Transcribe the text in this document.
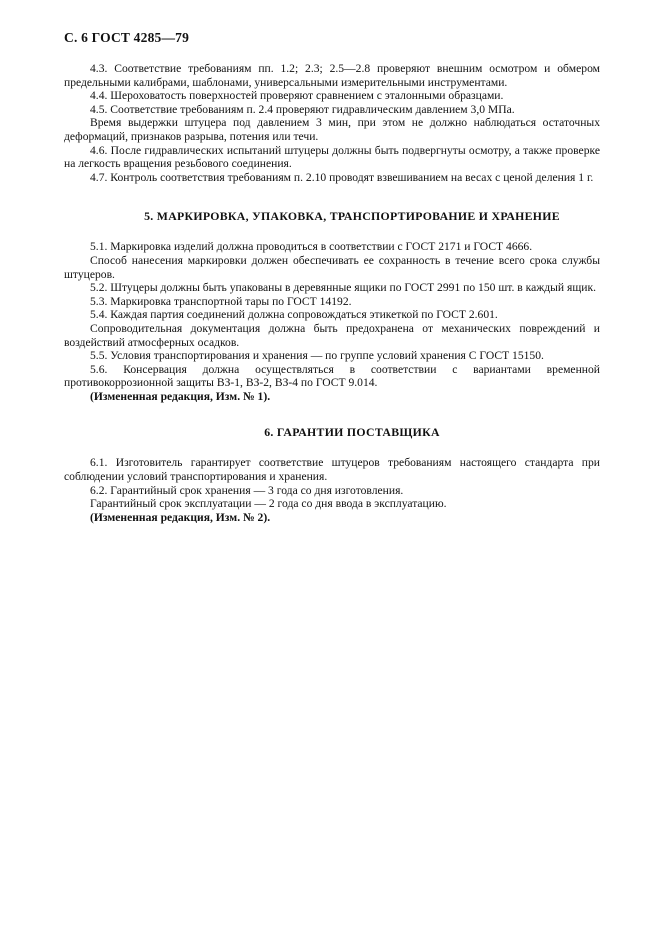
С. 6 ГОСТ 4285—79

4.3. Соответствие требованиям пп. 1.2; 2.3; 2.5—2.8 проверяют внешним осмотром и обмером предельными калибрами, шаблонами, универсальными измерительными инструментами.

4.4. Шероховатость поверхностей проверяют сравнением с эталонными образцами.

4.5. Соответствие требованиям п. 2.4 проверяют гидравлическим давлением 3,0 МПа.

Время выдержки штуцера под давлением 3 мин, при этом не должно наблюдаться остаточных деформаций, признаков разрыва, потения или течи.

4.6. После гидравлических испытаний штуцеры должны быть подвергнуты осмотру, а также проверке на легкость вращения резьбового соединения.

4.7. Контроль соответствия требованиям п. 2.10 проводят взвешиванием на весах с ценой деления 1 г.

5. МАРКИРОВКА, УПАКОВКА, ТРАНСПОРТИРОВАНИЕ И ХРАНЕНИЕ

5.1. Маркировка изделий должна проводиться в соответствии с ГОСТ 2171 и ГОСТ 4666.

Способ нанесения маркировки должен обеспечивать ее сохранность в течение всего срока службы штуцеров.

5.2. Штуцеры должны быть упакованы в деревянные ящики по ГОСТ 2991 по 150 шт. в каждый ящик.

5.3. Маркировка транспортной тары по ГОСТ 14192.

5.4. Каждая партия соединений должна сопровождаться этикеткой по ГОСТ 2.601.

Сопроводительная документация должна быть предохранена от механических повреждений и воздействий атмосферных осадков.

5.5. Условия транспортирования и хранения — по группе условий хранения С ГОСТ 15150.

5.6. Консервация должна осуществляться в соответствии с вариантами временной противокоррозионной защиты ВЗ-1, ВЗ-2, ВЗ-4 по ГОСТ 9.014.

(Измененная редакция, Изм. № 1).

6. ГАРАНТИИ ПОСТАВЩИКА

6.1. Изготовитель гарантирует соответствие штуцеров требованиям настоящего стандарта при соблюдении условий транспортирования и хранения.

6.2. Гарантийный срок хранения — 3 года со дня изготовления.

Гарантийный срок эксплуатации — 2 года со дня ввода в эксплуатацию.

(Измененная редакция, Изм. № 2).
